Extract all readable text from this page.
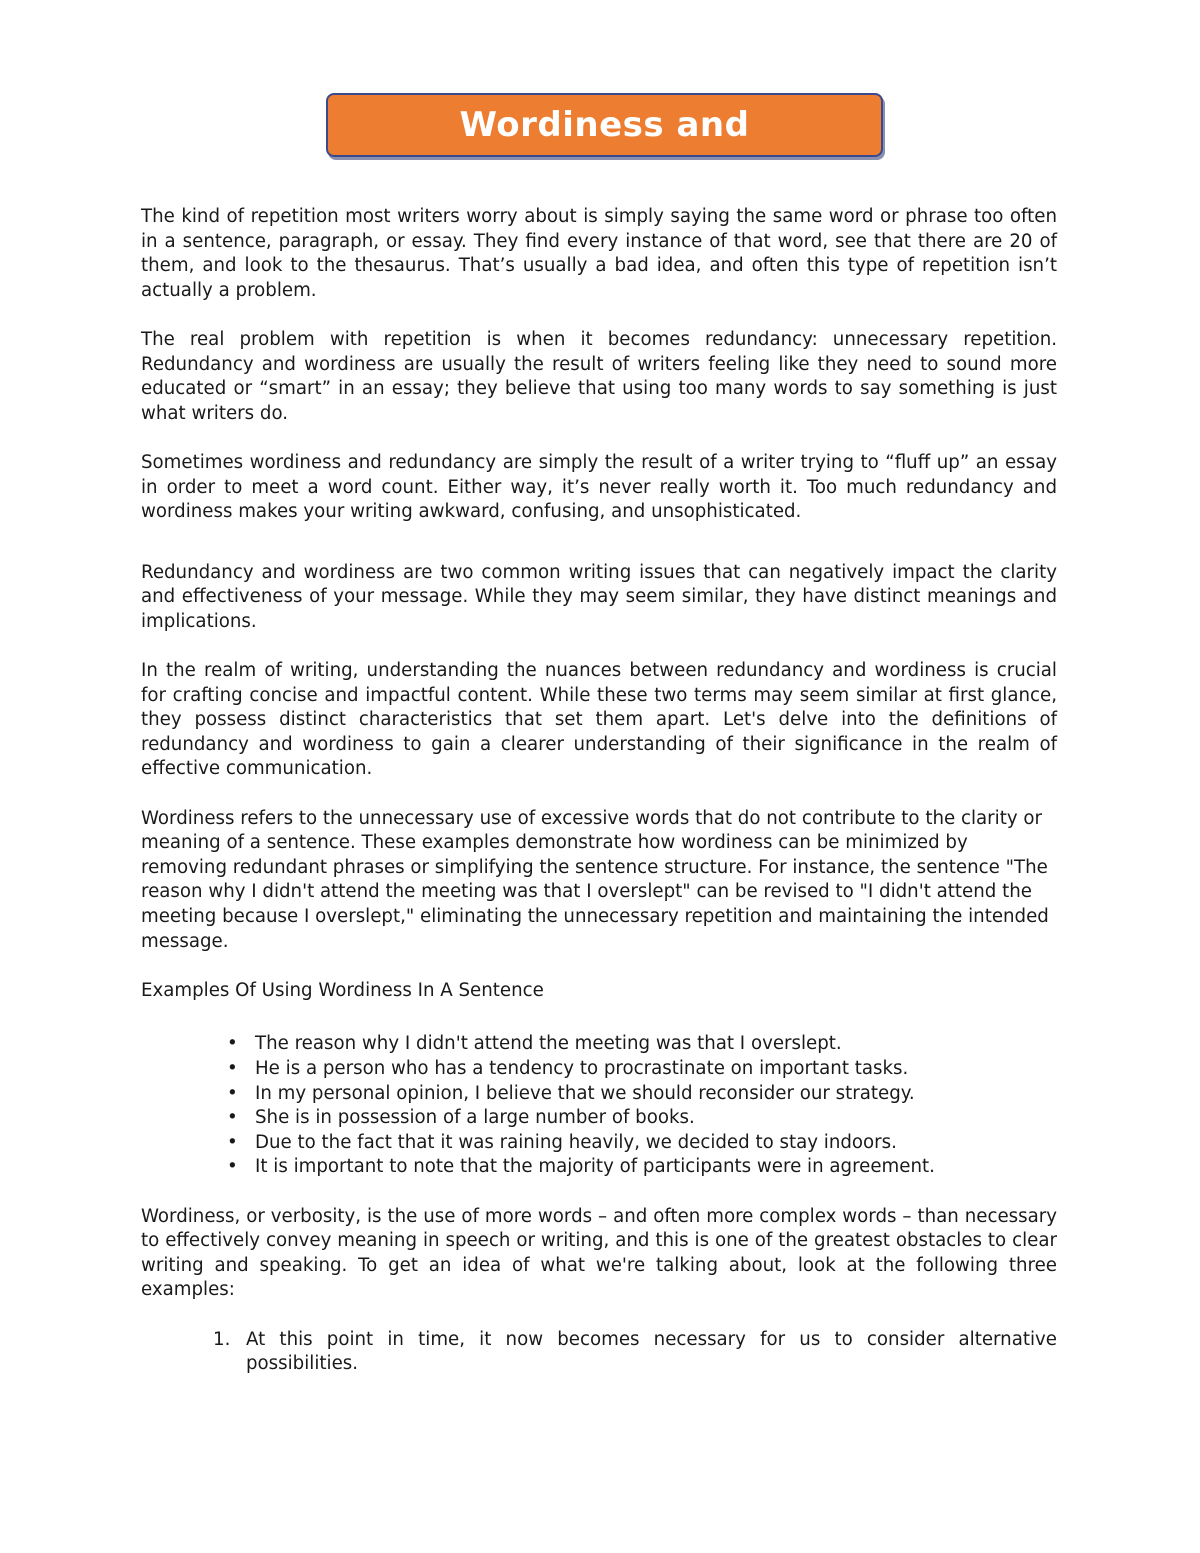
Wordiness and

The kind of repetition most writers worry about is simply saying the same word or phrase too often in a sentence, paragraph, or essay. They find every instance of that word, see that there are 20 of them, and look to the thesaurus. That’s usually a bad idea, and often this type of repetition isn’t actually a problem.

The real problem with repetition is when it becomes redundancy: unnecessary repetition. Redundancy and wordiness are usually the result of writers feeling like they need to sound more educated or “smart” in an essay; they believe that using too many words to say something is just what writers do.

Sometimes wordiness and redundancy are simply the result of a writer trying to “fluff up” an essay in order to meet a word count. Either way, it’s never really worth it. Too much redundancy and wordiness makes your writing awkward, confusing, and unsophisticated.

Redundancy and wordiness are two common writing issues that can negatively impact the clarity and effectiveness of your message. While they may seem similar, they have distinct meanings and implications.

In the realm of writing, understanding the nuances between redundancy and wordiness is crucial for crafting concise and impactful content. While these two terms may seem similar at first glance, they possess distinct characteristics that set them apart. Let's delve into the definitions of redundancy and wordiness to gain a clearer understanding of their significance in the realm of effective communication.

Wordiness refers to the unnecessary use of excessive words that do not contribute to the clarity or meaning of a sentence. These examples demonstrate how wordiness can be minimized by removing redundant phrases or simplifying the sentence structure. For instance, the sentence "The reason why I didn't attend the meeting was that I overslept" can be revised to "I didn't attend the meeting because I overslept," eliminating the unnecessary repetition and maintaining the intended message.

Examples Of Using Wordiness In A Sentence

• The reason why I didn't attend the meeting was that I overslept.
• He is a person who has a tendency to procrastinate on important tasks.
• In my personal opinion, I believe that we should reconsider our strategy.
• She is in possession of a large number of books.
• Due to the fact that it was raining heavily, we decided to stay indoors.
• It is important to note that the majority of participants were in agreement.

Wordiness, or verbosity, is the use of more words – and often more complex words – than necessary to effectively convey meaning in speech or writing, and this is one of the greatest obstacles to clear writing and speaking. To get an idea of what we're talking about, look at the following three examples:

1. At this point in time, it now becomes necessary for us to consider alternative possibilities.
